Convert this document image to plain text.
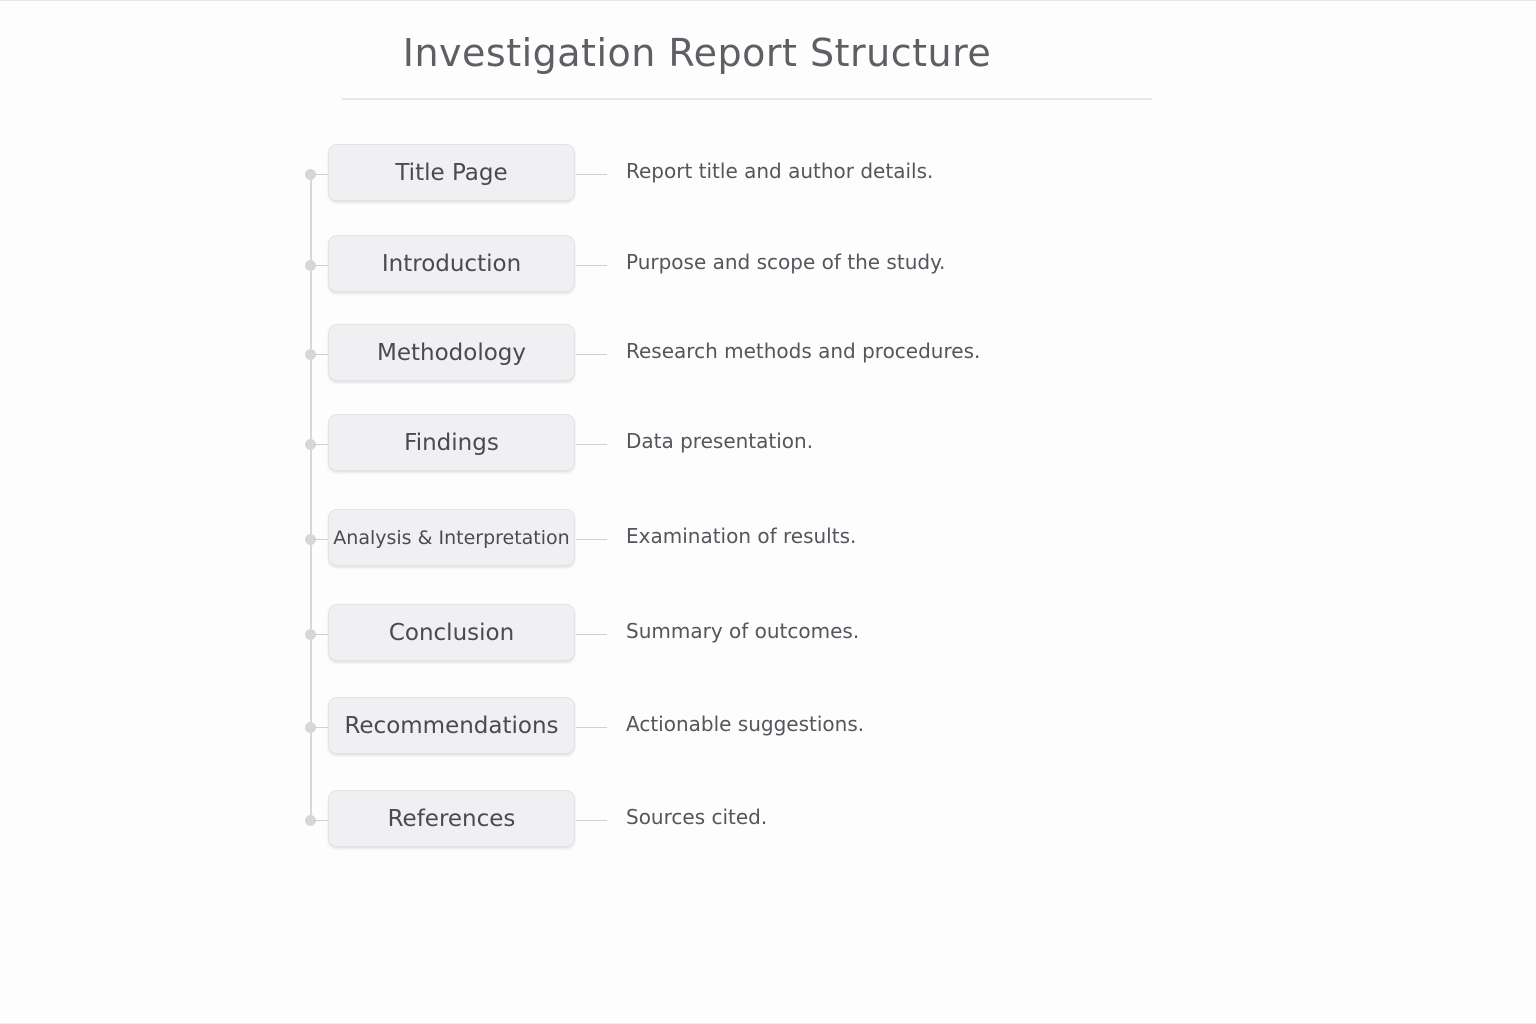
Investigation Report Structure
Title Page	Report title and author details.
Introduction	Purpose and scope of the study.
Methodology	Research methods and procedures.
Findings	Data presentation.
Analysis & Interpretation	Examination of results.
Conclusion	Summary of outcomes.
Recommendations	Actionable suggestions.
References	Sources cited.
